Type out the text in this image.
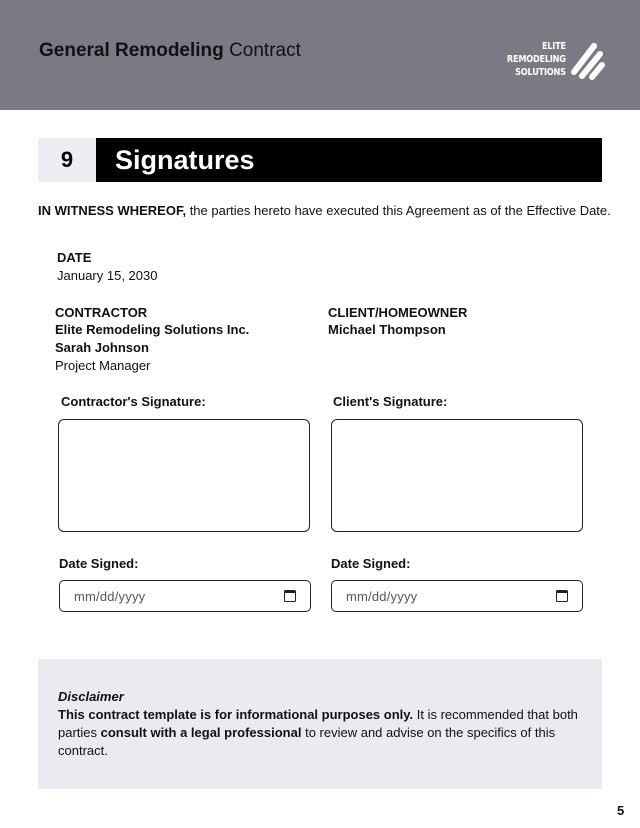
General Remodeling Contract	ELITE
REMODELING
SOLUTIONS
9	Signatures
IN WITNESS WHEREOF, the parties hereto have executed this Agreement as of the Effective Date.
DATE
January 15, 2030
CONTRACTOR
Elite Remodeling Solutions Inc.
Sarah Johnson
Project Manager
CLIENT/HOMEOWNER
Michael Thompson
Contractor's Signature:	Client's Signature:
Date Signed:	Date Signed:
mm/dd/yyyy	mm/dd/yyyy
Disclaimer
This contract template is for informational purposes only. It is recommended that both parties consult with a legal professional to review and advise on the specifics of this contract.
5
